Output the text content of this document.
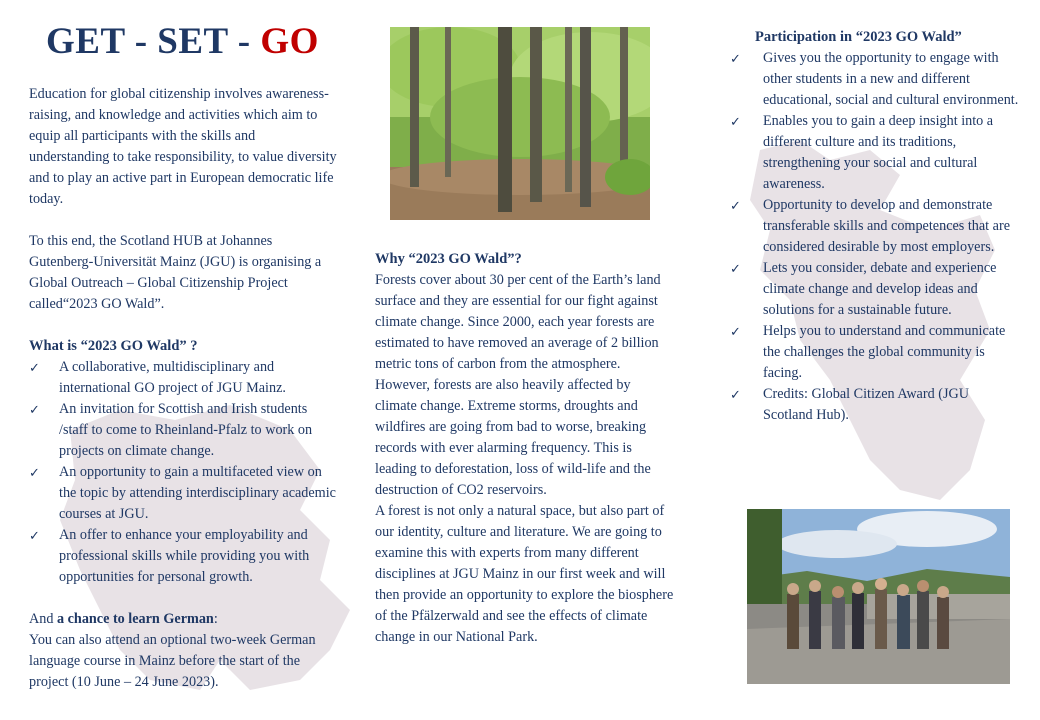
GET - SET - GO

Education for global citizenship involves awareness-raising, and knowledge and activities which aim to equip all participants with the skills and understanding to take responsibility, to value diversity and to play an active part in European democratic life today.

To this end, the Scotland HUB at Johannes Gutenberg-Universität Mainz (JGU) is organising a Global Outreach – Global Citizenship Project called“2023 GO Wald”.

What is “2023 GO Wald” ?
✓ A collaborative, multidisciplinary and international GO project of JGU Mainz.
✓ An invitation for Scottish and Irish students /staff to come to Rheinland-Pfalz to work on projects on climate change.
✓ An opportunity to gain a multifaceted view on the topic by attending interdisciplinary academic courses at JGU.
✓ An offer to enhance your employability and professional skills while providing you with opportunities for personal growth.

And a chance to learn German:

You can also attend an optional two-week German language course in Mainz before the start of the project (10 June – 24 June 2023).

Why “2023 GO Wald”?

Forests cover about 30 per cent of the Earth’s land surface and they are essential for our fight against climate change. Since 2000, each year forests are estimated to have removed an average of 2 billion metric tons of carbon from the atmosphere. However, forests are also heavily affected by climate change. Extreme storms, droughts and wildfires are going from bad to worse, breaking records with ever alarming frequency. This is leading to deforestation, loss of wild-life and the destruction of CO2 reservoirs.

A forest is not only a natural space, but also part of our identity, culture and literature. We are going to examine this with experts from many different disciplines at JGU Mainz in our first week and will then provide an opportunity to explore the biosphere of the Pfälzerwald and see the effects of climate change in our National Park.

Participation in “2023 GO Wald”
✓ Gives you the opportunity to engage with other students in a new and different educational, social and cultural environment.
✓ Enables you to gain a deep insight into a different culture and its traditions, strengthening your social and cultural awareness.
✓ Opportunity to develop and demonstrate transferable skills and competences that are considered desirable by most employers.
✓ Lets you consider, debate and experience climate change and develop ideas and solutions for a sustainable future.
✓ Helps you to understand and communicate the challenges the global community is facing.
✓ Credits: Global Citizen Award (JGU Scotland Hub).
